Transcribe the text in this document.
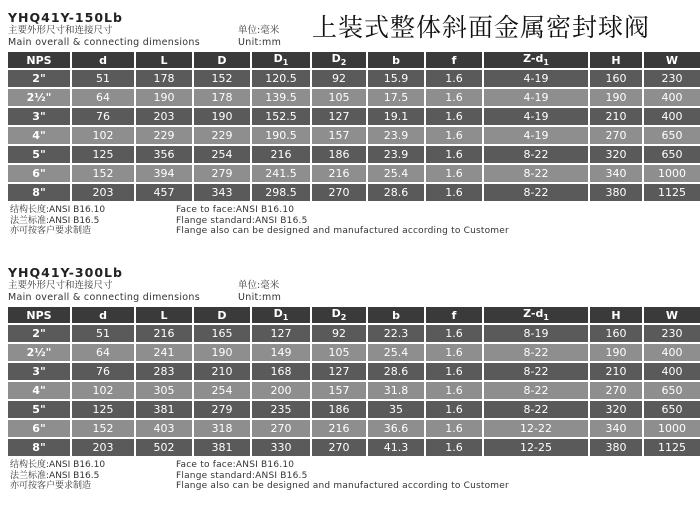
上装式整体斜面金属密封球阀
YHQ41Y-150Lb
主要外形尺寸和连接尺寸	单位:毫米
Main overall & connecting dimensions	Unit:mm
NPS	d	L	D	$D_1$	$D_2$	b	f	$Z-d_1$	H	W
2"	51	178	152	120.5	92	15.9	1.6	4-19	160	230
2½"	64	190	178	139.5	105	17.5	1.6	4-19	190	400
3"	76	203	190	152.5	127	19.1	1.6	4-19	210	400
4"	102	229	229	190.5	157	23.9	1.6	4-19	270	650
5"	125	356	254	216	186	23.9	1.6	8-22	320	650
6"	152	394	279	241.5	216	25.4	1.6	8-22	340	1000
8"	203	457	343	298.5	270	28.6	1.6	8-22	380	1125
结构长度:ANSI B16.10
法兰标准:ANSI B16.5
亦可按客户要求制造
Face to face:ANSI B16.10
Flange standard:ANSI B16.5
Flange also can be designed and manufactured according to Customer
YHQ41Y-300Lb
主要外形尺寸和连接尺寸	单位:毫米
Main overall & connecting dimensions	Unit:mm
NPS	d	L	D	$D_1$	$D_2$	b	f	$Z-d_1$	H	W
2"	51	216	165	127	92	22.3	1.6	8-19	160	230
2½"	64	241	190	149	105	25.4	1.6	8-22	190	400
3"	76	283	210	168	127	28.6	1.6	8-22	210	400
4"	102	305	254	200	157	31.8	1.6	8-22	270	650
5"	125	381	279	235	186	35	1.6	8-22	320	650
6"	152	403	318	270	216	36.6	1.6	12-22	340	1000
8"	203	502	381	330	270	41.3	1.6	12-25	380	1125
结构长度:ANSI B16.10
法兰标准:ANSI B16.5
亦可按客户要求制造
Face to face:ANSI B16.10
Flange standard:ANSI B16.5
Flange also can be designed and manufactured according to Customer
